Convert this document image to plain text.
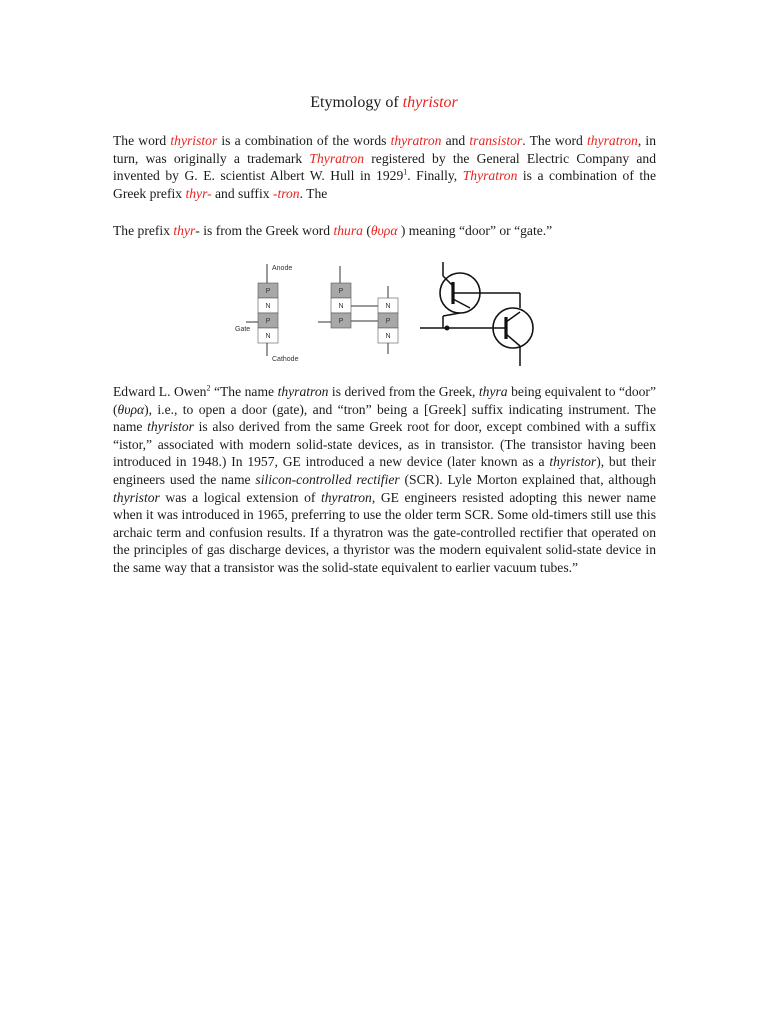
Etymology of thyristor
The word thyristor is a combination of the words thyratron and transistor. The word thyratron, in turn, was originally a trademark Thyratron registered by the General Electric Company and invented by G. E. scientist Albert W. Hull in 1929$^1$. Finally, Thyratron is a combination of the Greek prefix thyr- and suffix -tron. The
The prefix thyr- is from the Greek word thura (θυρα ) meaning “door” or “gate.”
Anode
P
N
P
N
Gate
Cathode
P
N
P
N
P
N
Edward L. Owen$^2$ “The name thyratron is derived from the Greek, thyra being equivalent to “door” (θυρα), i.e., to open a door (gate), and “tron” being a [Greek] suffix indicating instrument. The name thyristor is also derived from the same Greek root for door, except combined with a suffix “istor,” associated with modern solid-state devices, as in transistor. (The transistor having been introduced in 1948.) In 1957, GE introduced a new device (later known as a thyristor), but their engineers used the name silicon-controlled rectifier (SCR). Lyle Morton explained that, although thyristor was a logical extension of thyratron, GE engineers resisted adopting this newer name when it was introduced in 1965, preferring to use the older term SCR. Some old-timers still use this archaic term and confusion results. If a thyratron was the gate-controlled rectifier that operated on the principles of gas discharge devices, a thyristor was the modern equivalent solid-state device in the same way that a transistor was the solid-state equivalent to earlier vacuum tubes.”
